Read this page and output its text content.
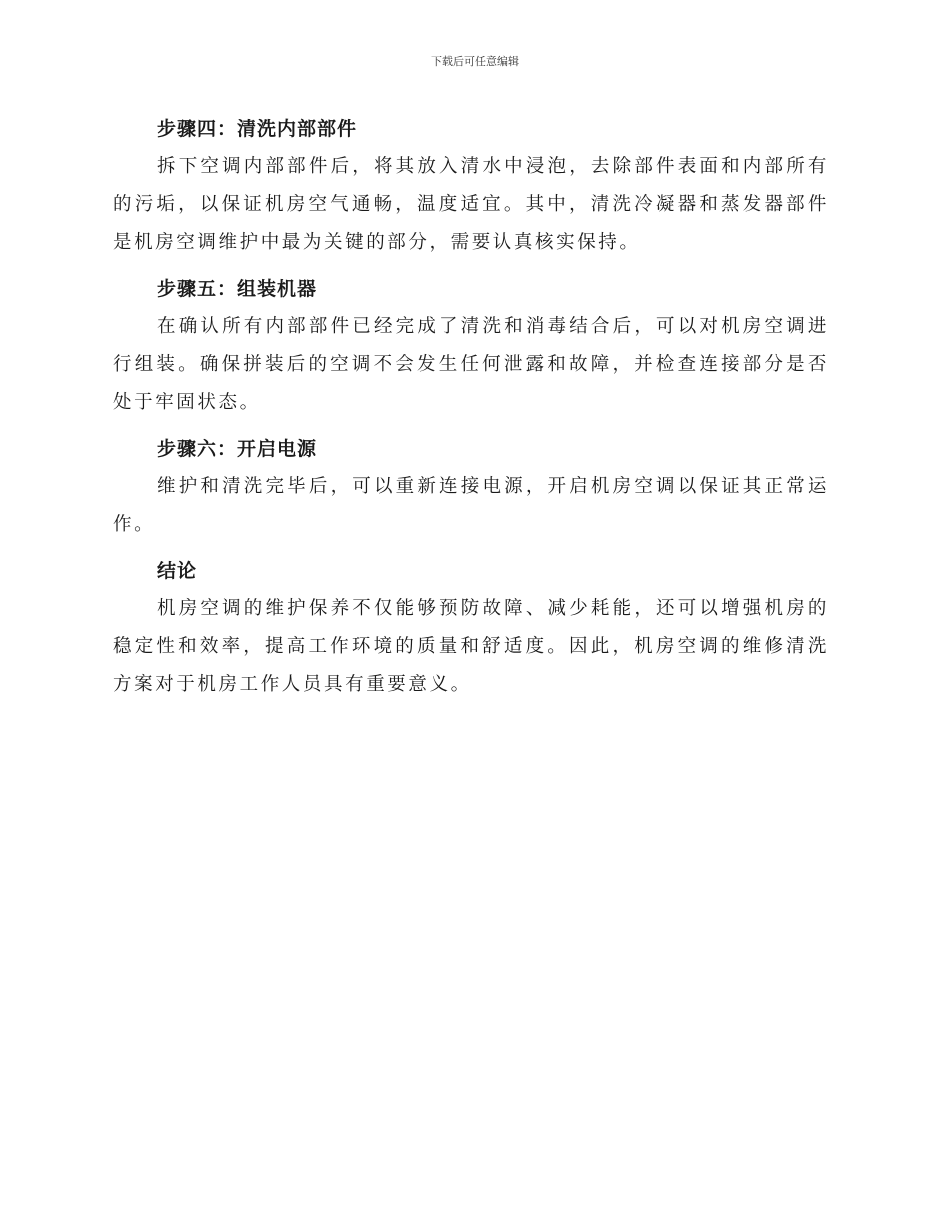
下载后可任意编辑
步骤四：清洗内部部件

拆下空调内部部件后，将其放入清水中浸泡，去除部件表面和内部所有的污垢，以保证机房空气通畅，温度适宜。其中，清洗冷凝器和蒸发器部件是机房空调维护中最为关键的部分，需要认真核实保持。

步骤五：组装机器

在确认所有内部部件已经完成了清洗和消毒结合后，可以对机房空调进行组装。确保拼装后的空调不会发生任何泄露和故障，并检查连接部分是否处于牢固状态。

步骤六：开启电源

维护和清洗完毕后，可以重新连接电源，开启机房空调以保证其正常运作。

结论

机房空调的维护保养不仅能够预防故障、减少耗能，还可以增强机房的稳定性和效率，提高工作环境的质量和舒适度。因此，机房空调的维修清洗方案对于机房工作人员具有重要意义。
